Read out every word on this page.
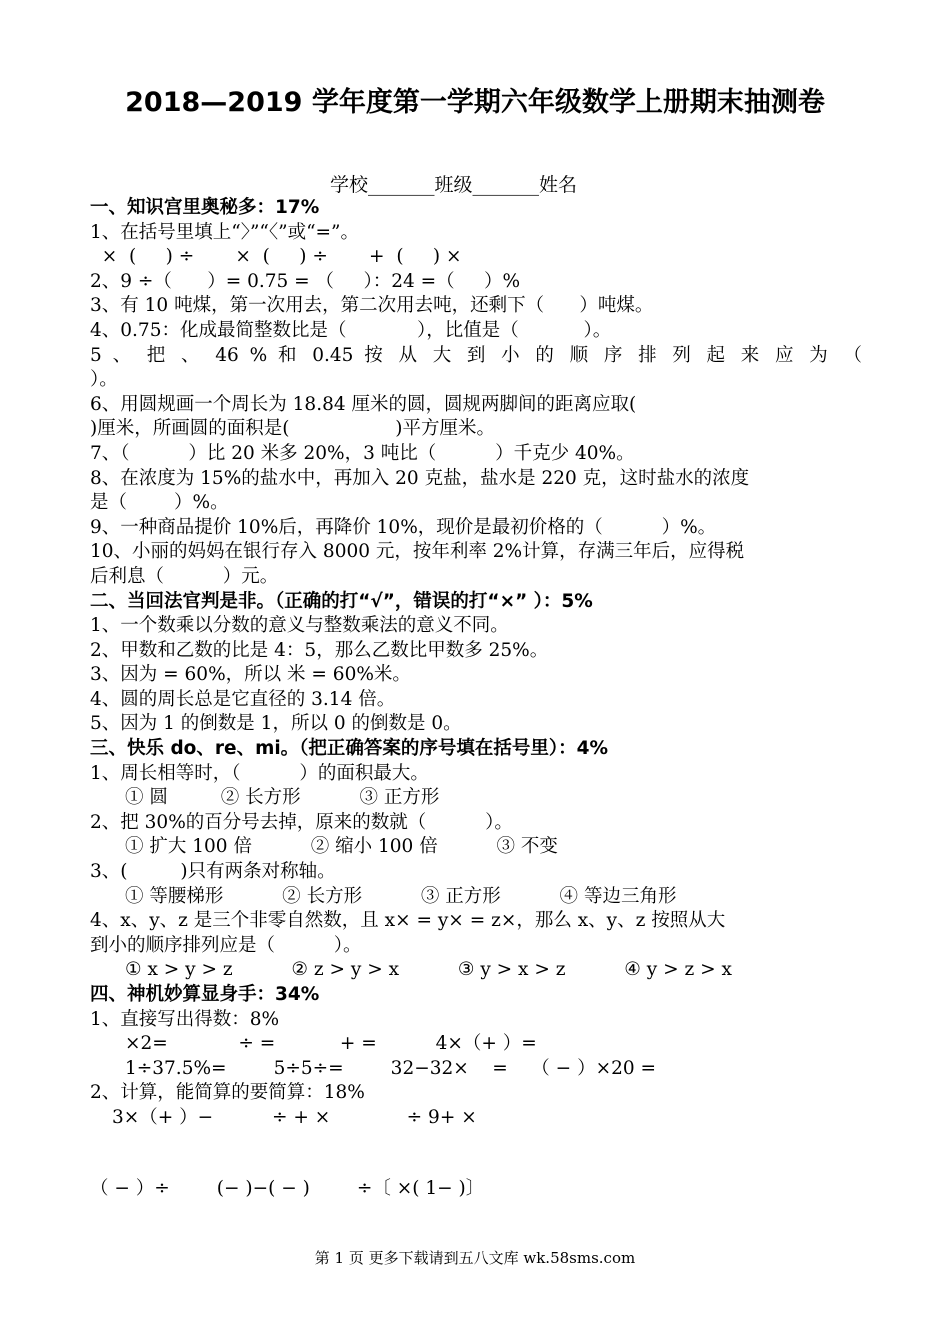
2018—2019 学年度第一学期六年级数学上册期末抽测卷
学校_______班级_______姓名
一、知识宫里奥秘多：17%
1、在括号里填上“〉”“〈”或“=”。
×  (     ) ÷       ×  (     ) ÷       +  (     ) ×
2、9 ÷（      ）= 0.75 = （     ）：24 =（     ）%
3、有 10 吨煤，第一次用去，第二次用去吨，还剩下（      ）吨煤。
4、0.75：化成最简整数比是（            ），比值是（           ）。
5 、 把 、 46 % 和 0.45 按 从 大 到 小 的 顺 序 排 列 起 来 应 为 （
）。
6、用圆规画一个周长为 18.84 厘米的圆，圆规两脚间的距离应取(
)厘米，所画圆的面积是(                  )平方厘米。
7、（          ）比 20 米多 20%，3 吨比（          ）千克少 40%。
8、在浓度为 15%的盐水中，再加入 20 克盐，盐水是 220 克，这时盐水的浓度
是（        ）%。
9、一种商品提价 10%后，再降价 10%，现价是最初价格的（          ）%。
10、小丽的妈妈在银行存入 8000 元，按年利率 2%计算，存满三年后，应得税
后利息（          ）元。
二、当回法官判是非。（正确的打“√”，错误的打“×” ）：5%
1、一个数乘以分数的意义与整数乘法的意义不同。
2、甲数和乙数的比是 4：5，那么乙数比甲数多 25%。
3、因为 = 60%，所以 米 = 60%米。
4、圆的周长总是它直径的 3.14 倍。
5、因为 1 的倒数是 1，所以 0 的倒数是 0。
三、快乐 do、re、mi。（把正确答案的序号填在括号里）：4%
1、周长相等时，（          ）的面积最大。
① 圆         ② 长方形          ③ 正方形
2、把 30%的百分号去掉，原来的数就（          ）。
① 扩大 100 倍          ② 缩小 100 倍          ③ 不变
3、(         )只有两条对称轴。
① 等腰梯形          ② 长方形          ③ 正方形          ④ 等边三角形
4、x、y、z 是三个非零自然数，且 x× = y× = z×，那么 x、y、z 按照从大
到小的顺序排列应是（          ）。
① x > y > z          ② z > y > x          ③ y > x > z          ④ y > z > x
四、神机妙算显身手：34%
1、直接写出得数：8%
×2=            ÷ =           + =          4×（+ ）=
1÷37.5%=        5÷5÷=        32−32×    =    （ − ）×20 =
2、计算，能简算的要简算：18%
3×（+ ）−          ÷ + ×             ÷ 9+ ×
（ − ）÷        (− )−( − )        ÷〔 ×( 1− )〕
第 1 页 更多下载请到五八文库 wk.58sms.com
